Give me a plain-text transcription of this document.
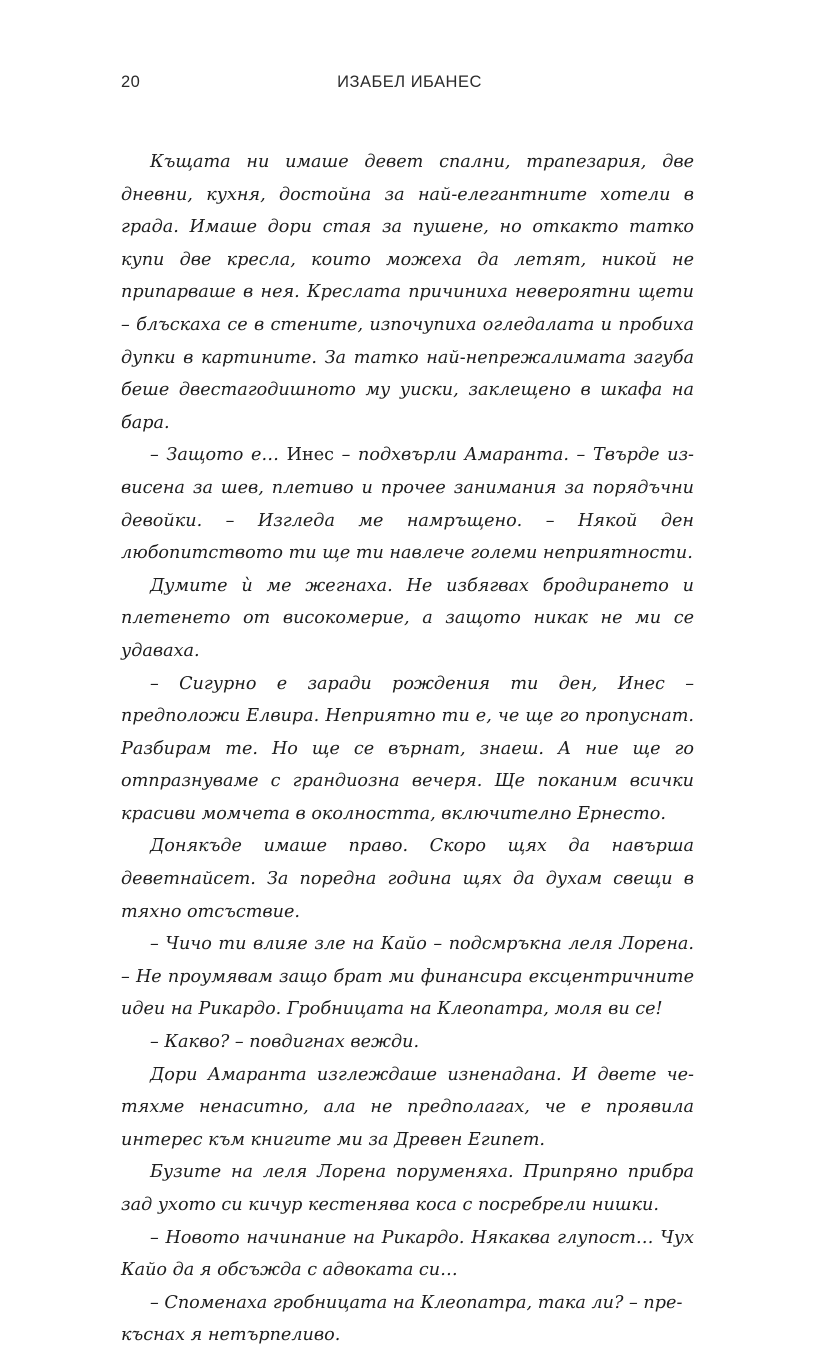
20	ИЗАБЕЛ ИБАНЕС

Къщата ни имаше девет спални, трапезария, две дневни, кухня, достойна за най-елегантните хотели в града. Имаше дори стая за пушене, но откакто татко купи две кресла, които можеха да летят, никой не припарваше в нея. Креслата причиниха невероятни щети – блъскаха се в стените, изпочупиха огледалата и пробиха дупки в картините. За татко най-непрежалимата загуба беше двестагодишното му уиски, заклещено в шкафа на бара.

– Защото е… Инес – подхвърли Амаранта. – Твърде извисена за шев, плетиво и прочее занимания за порядъчни девойки. – Изгледа ме намръщено. – Някой ден любопитството ти ще ти навлече големи неприятности.

Думите ѝ ме жегнаха. Не избягвах бродирането и плетенето от високомерие, а защото никак не ми се удаваха.

– Сигурно е заради рождения ти ден, Инес – предположи Елвира. Неприятно ти е, че ще го пропуснат. Разбирам те. Но ще се върнат, знаеш. А ние ще го отпразнуваме с грандиозна вечеря. Ще поканим всички красиви момчета в околността, включително Ернесто.

Донякъде имаше право. Скоро щях да навърша деветнайсет. За поредна година щях да духам свещи в тяхно отсъствие.

– Чичо ти влияе зле на Кайо – подсмръкна леля Лорена. – Не проумявам защо брат ми финансира ексцентричните идеи на Рикардо. Гробницата на Клеопатра, моля ви се!

– Какво? – повдигнах вежди.

Дори Амаранта изглеждаше изненадана. И двете четяхме ненаситно, ала не предполагах, че е проявила интерес към книгите ми за Древен Египет.

Бузите на леля Лорена поруменяха. Припряно прибра зад ухото си кичур кестенява коса с посребрели нишки.

– Новото начинание на Рикардо. Някаква глупост… Чух Кайо да я обсъжда с адвоката си…

– Споменаха гробницата на Клеопатра, така ли? – прекъснах я нетърпеливо.
